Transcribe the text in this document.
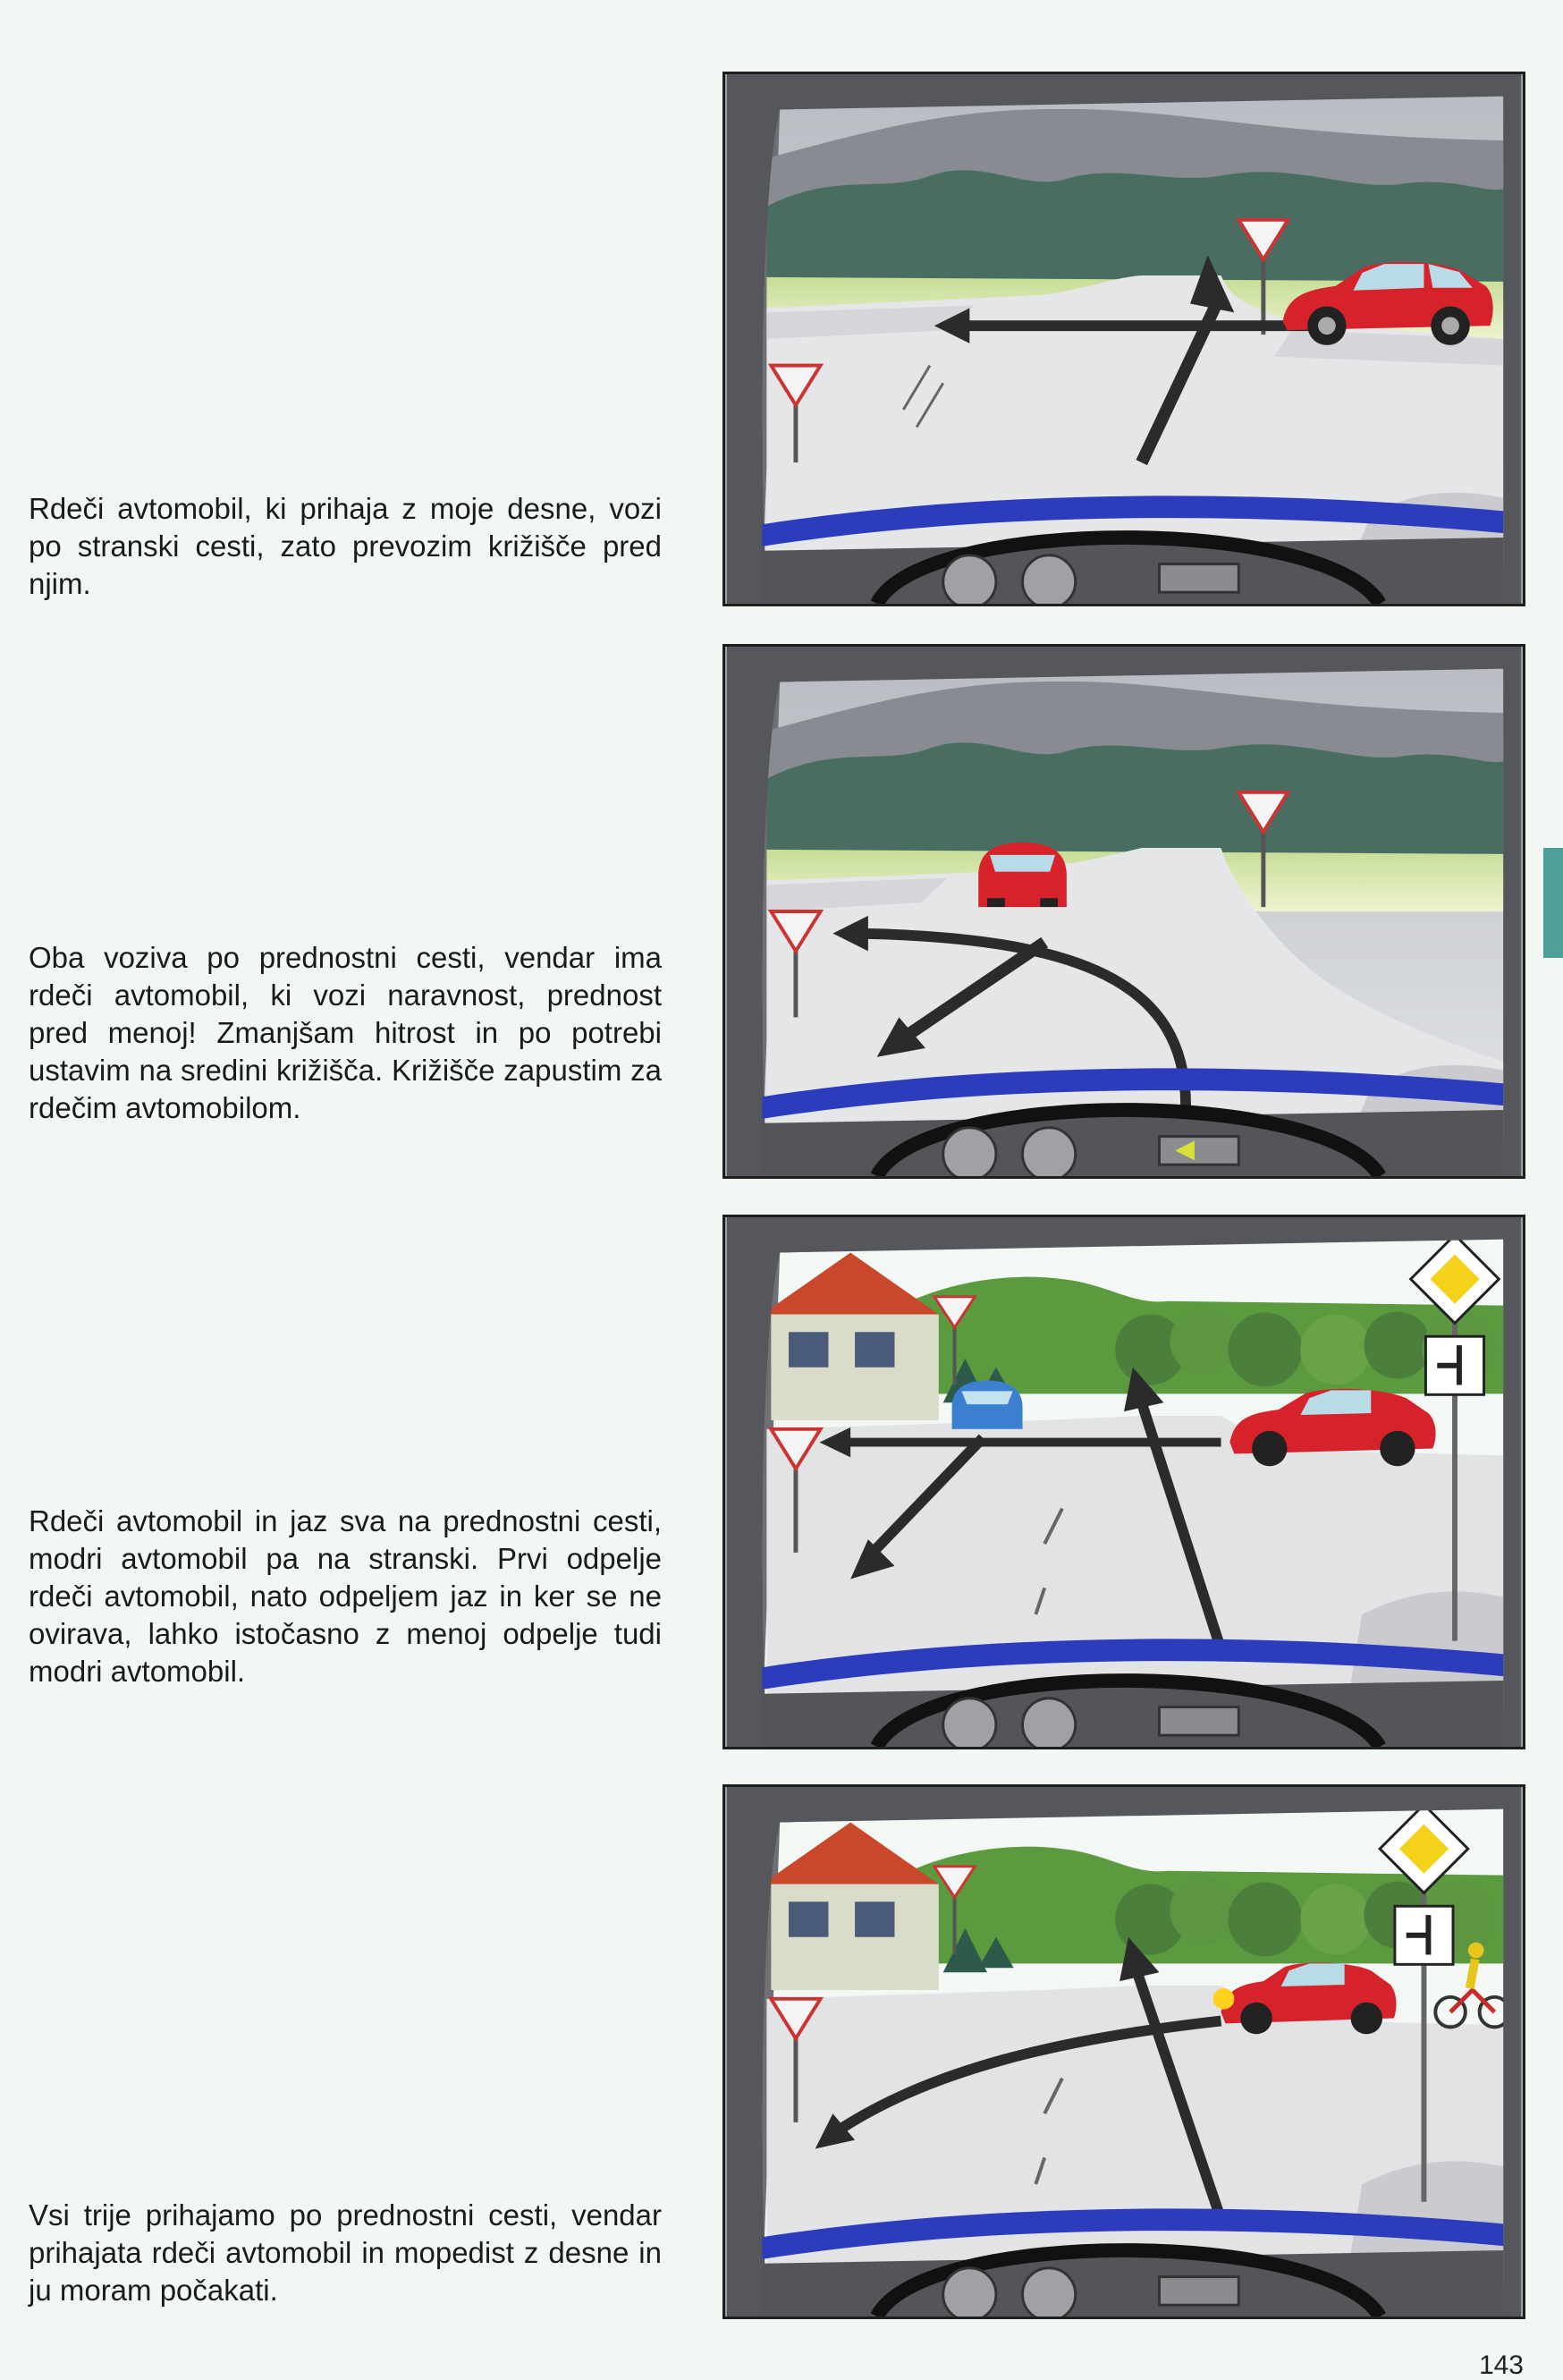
Rdeči avtomobil, ki prihaja z moje desne, vozi po stranski cesti, zato prevozim križišče pred njim.

Oba voziva po prednostni cesti, vendar ima rdeči avtomobil, ki vozi naravnost, prednost pred menoj! Zmanjšam hitrost in po potrebi ustavim na sredini križišča. Križišče zapustim za rdečim avtomobilom.

Rdeči avtomobil in jaz sva na prednostni cesti, modri avtomobil pa na stranski. Prvi odpelje rdeči avtomobil, nato odpeljem jaz in ker se ne ovirava, lahko istočasno z menoj odpelje tudi modri avtomobil.

Vsi trije prihajamo po prednostni cesti, vendar prihajata rdeči avtomobil in mopedist z desne in ju moram počakati.

143
